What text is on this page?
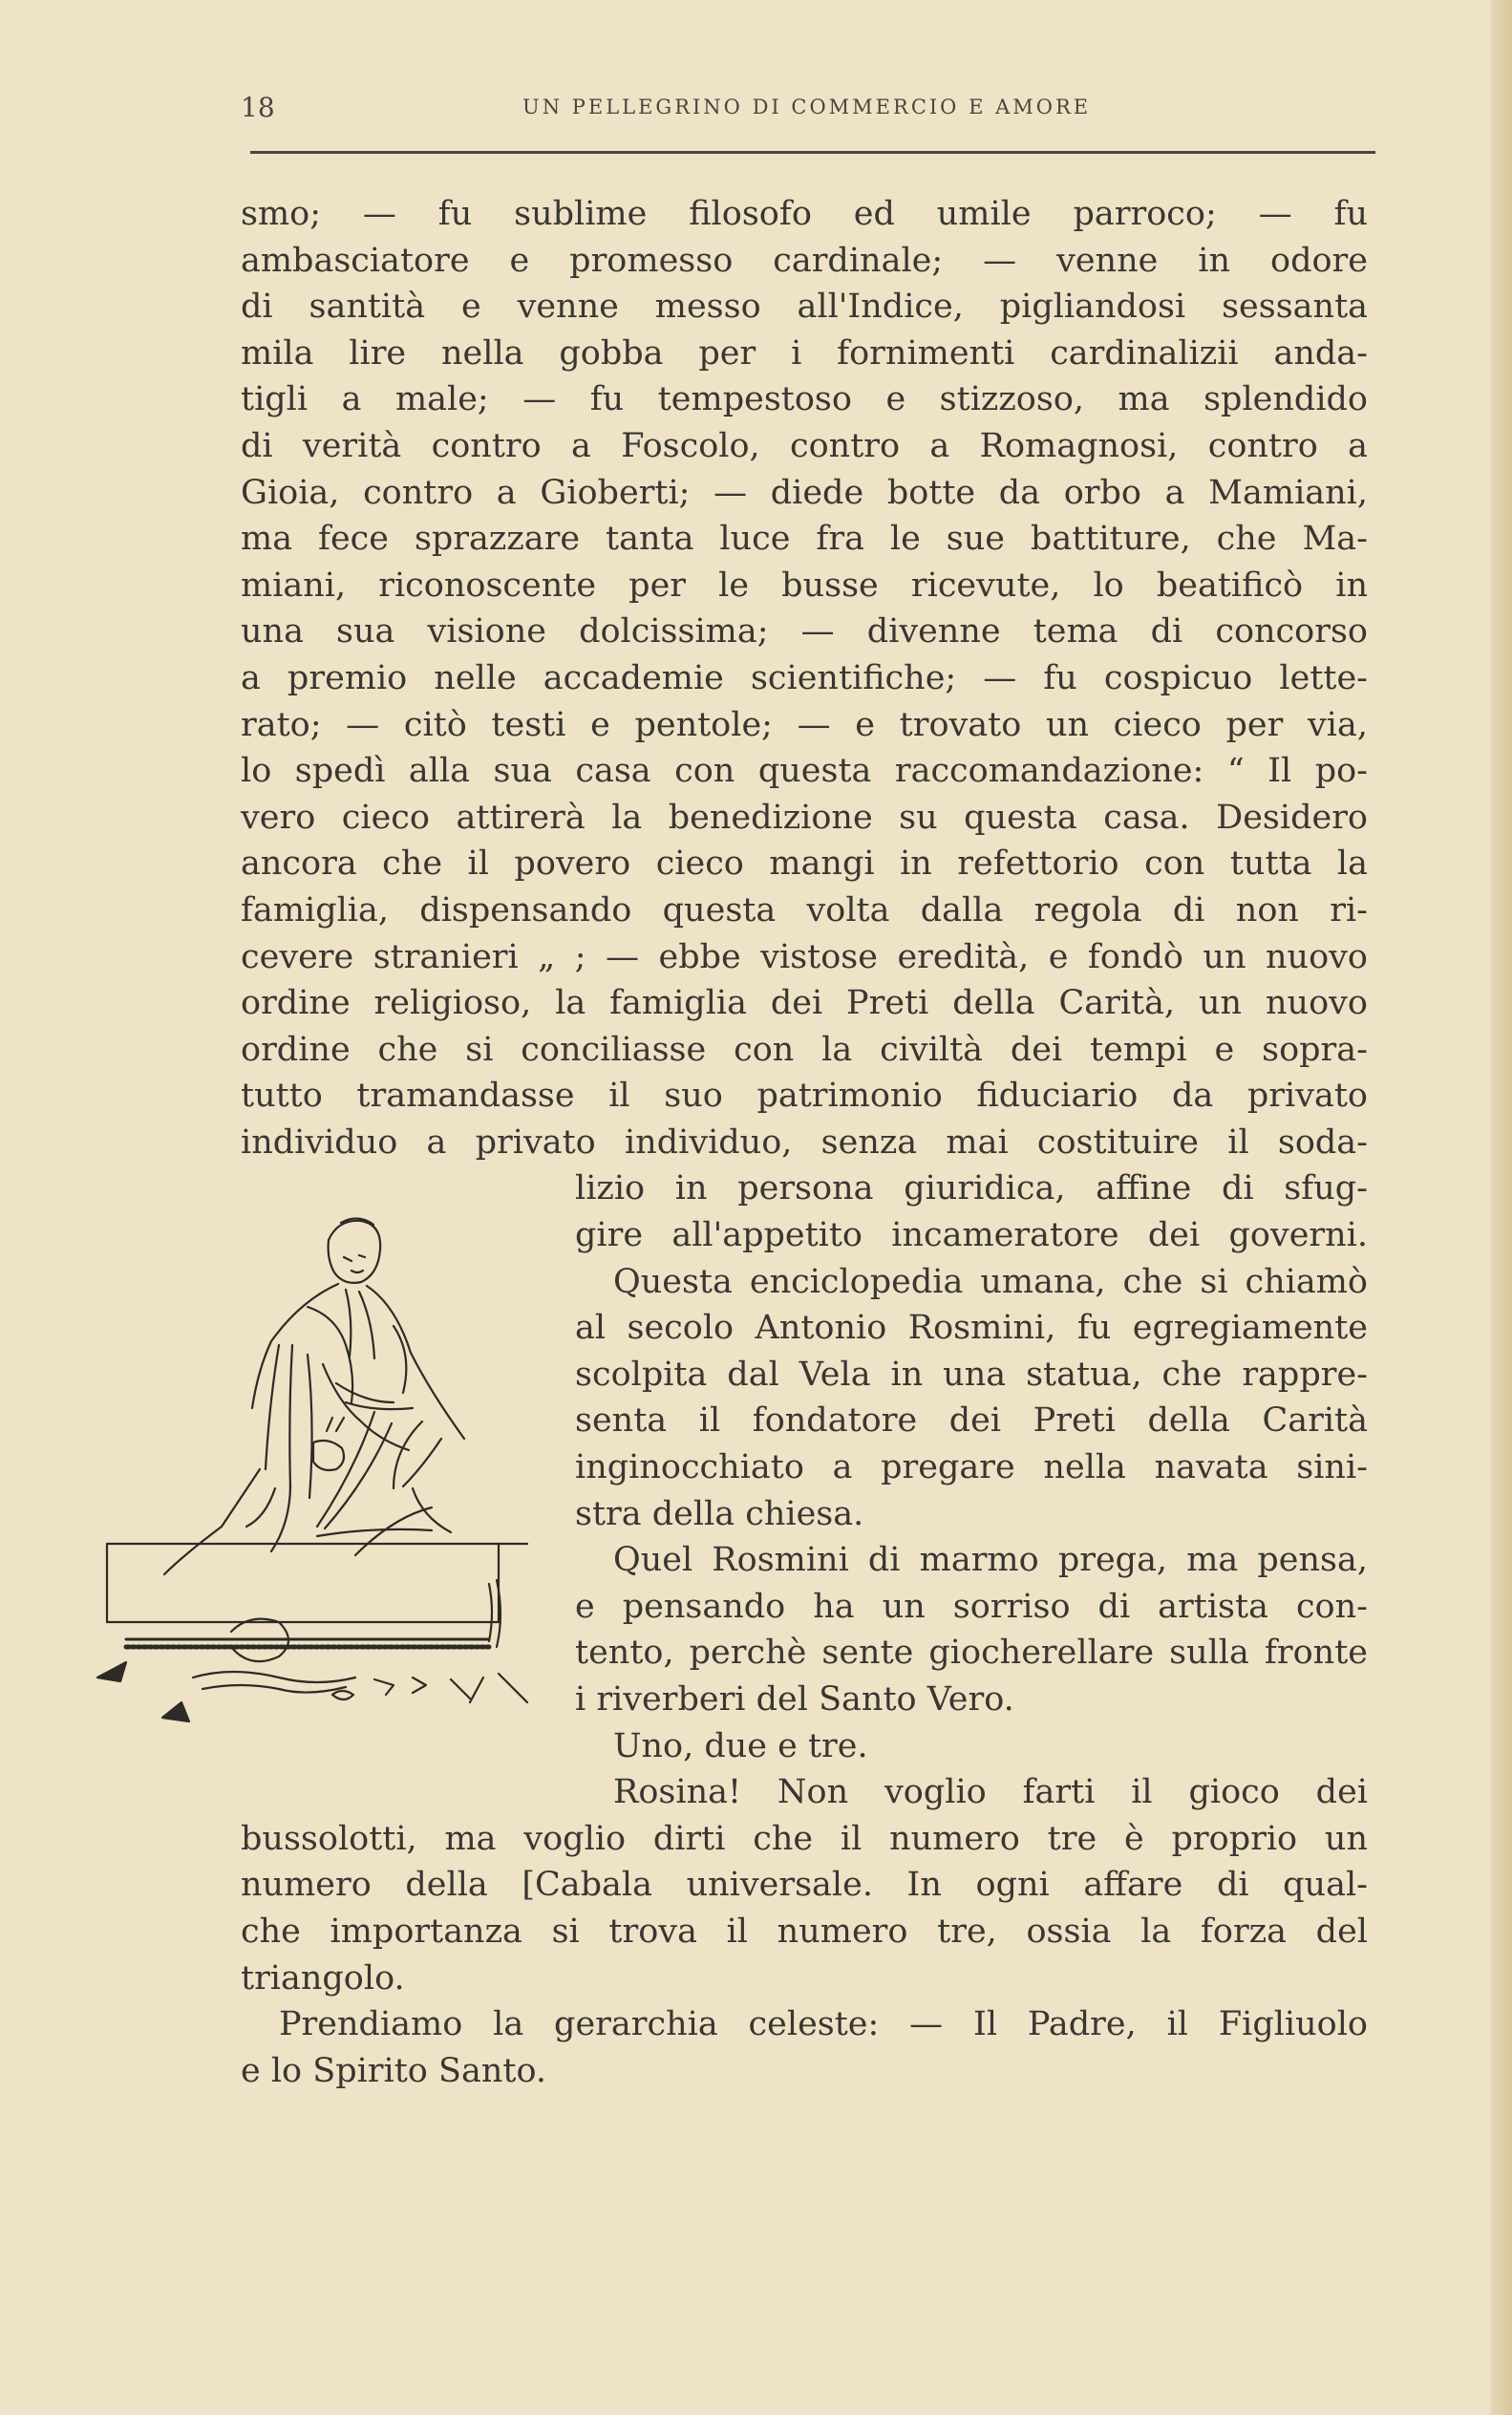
18	UN PELLEGRINO DI COMMERCIO E AMORE
smo; — fu sublime filosofo ed umile parroco; — fu
ambasciatore e promesso cardinale; — venne in odore
di santità e venne messo all'Indice, pigliandosi sessanta
mila lire nella gobba per i fornimenti cardinalizii anda-
tigli a male; — fu tempestoso e stizzoso, ma splendido
di verità contro a Foscolo, contro a Romagnosi, contro a
Gioia, contro a Gioberti; — diede botte da orbo a Mamiani,
ma fece sprazzare tanta luce fra le sue battiture, che Ma-
miani, riconoscente per le busse ricevute, lo beatificò in
una sua visione dolcissima; — divenne tema di concorso
a premio nelle accademie scientifiche; — fu cospicuo lette-
rato; — citò testi e pentole; — e trovato un cieco per via,
lo spedì alla sua casa con questa raccomandazione: “ Il po-
vero cieco attirerà la benedizione su questa casa. Desidero
ancora che il povero cieco mangi in refettorio con tutta la
famiglia, dispensando questa volta dalla regola di non ri-
cevere stranieri „ ; — ebbe vistose eredità, e fondò un nuovo
ordine religioso, la famiglia dei Preti della Carità, un nuovo
ordine che si conciliasse con la civiltà dei tempi e sopra-
tutto tramandasse il suo patrimonio fiduciario da privato
individuo a privato individuo, senza mai costituire il soda-
lizio in persona giuridica, affine di sfug-
gire all'appetito incameratore dei governi.
Questa enciclopedia umana, che si chiamò
al secolo Antonio Rosmini, fu egregiamente
scolpita dal Vela in una statua, che rappre-
senta il fondatore dei Preti della Carità
inginocchiato a pregare nella navata sini-
stra della chiesa.
Quel Rosmini di marmo prega, ma pensa,
e pensando ha un sorriso di artista con-
tento, perchè sente giocherellare sulla fronte
i riverberi del Santo Vero.
Uno, due e tre.
Rosina! Non voglio farti il gioco dei
bussolotti, ma voglio dirti che il numero tre è proprio un
numero della [Cabala universale. In ogni affare di qual-
che importanza si trova il numero tre, ossia la forza del
triangolo.
Prendiamo la gerarchia celeste: — Il Padre, il Figliuolo
e lo Spirito Santo.
